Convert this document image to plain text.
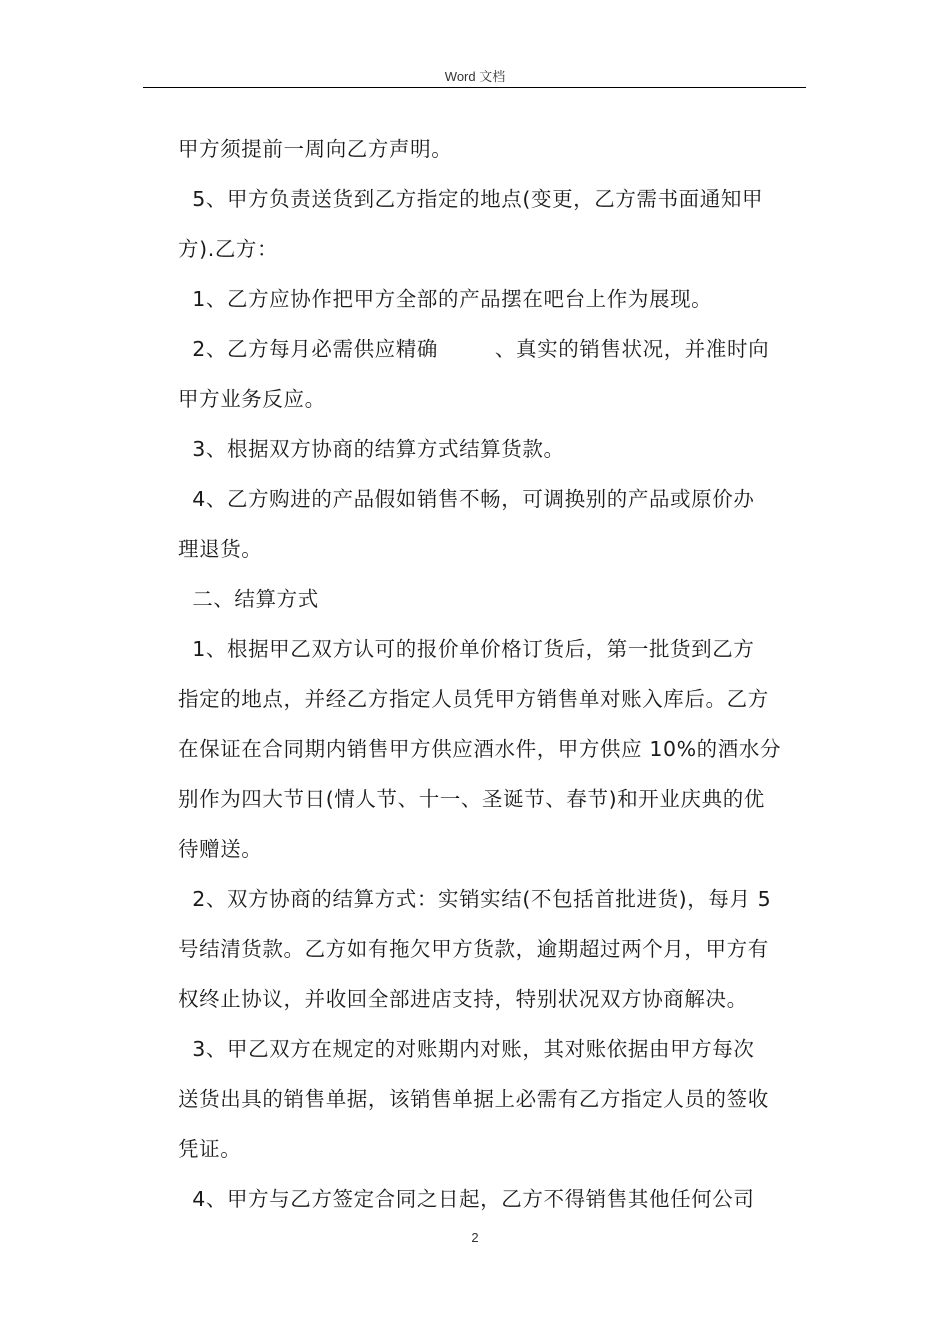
Word 文档
甲方须提前一周向乙方声明。
5、甲方负责送货到乙方指定的地点(变更，乙方需书面通知甲
方).乙方：
1、乙方应协作把甲方全部的产品摆在吧台上作为展现。
2、乙方每月必需供应精确        、真实的销售状况，并准时向
甲方业务反应。
3、根据双方协商的结算方式结算货款。
4、乙方购进的产品假如销售不畅，可调换别的产品或原价办
理退货。
二、结算方式
1、根据甲乙双方认可的报价单价格订货后，第一批货到乙方
指定的地点，并经乙方指定人员凭甲方销售单对账入库后。乙方
在保证在合同期内销售甲方供应酒水件，甲方供应 10%的酒水分
别作为四大节日(情人节、十一、圣诞节、春节)和开业庆典的优
待赠送。
2、双方协商的结算方式：实销实结(不包括首批进货)，每月 5
号结清货款。乙方如有拖欠甲方货款，逾期超过两个月，甲方有
权终止协议，并收回全部进店支持，特别状况双方协商解决。
3、甲乙双方在规定的对账期内对账，其对账依据由甲方每次
送货出具的销售单据，该销售单据上必需有乙方指定人员的签收
凭证。
4、甲方与乙方签定合同之日起，乙方不得销售其他任何公司
2
